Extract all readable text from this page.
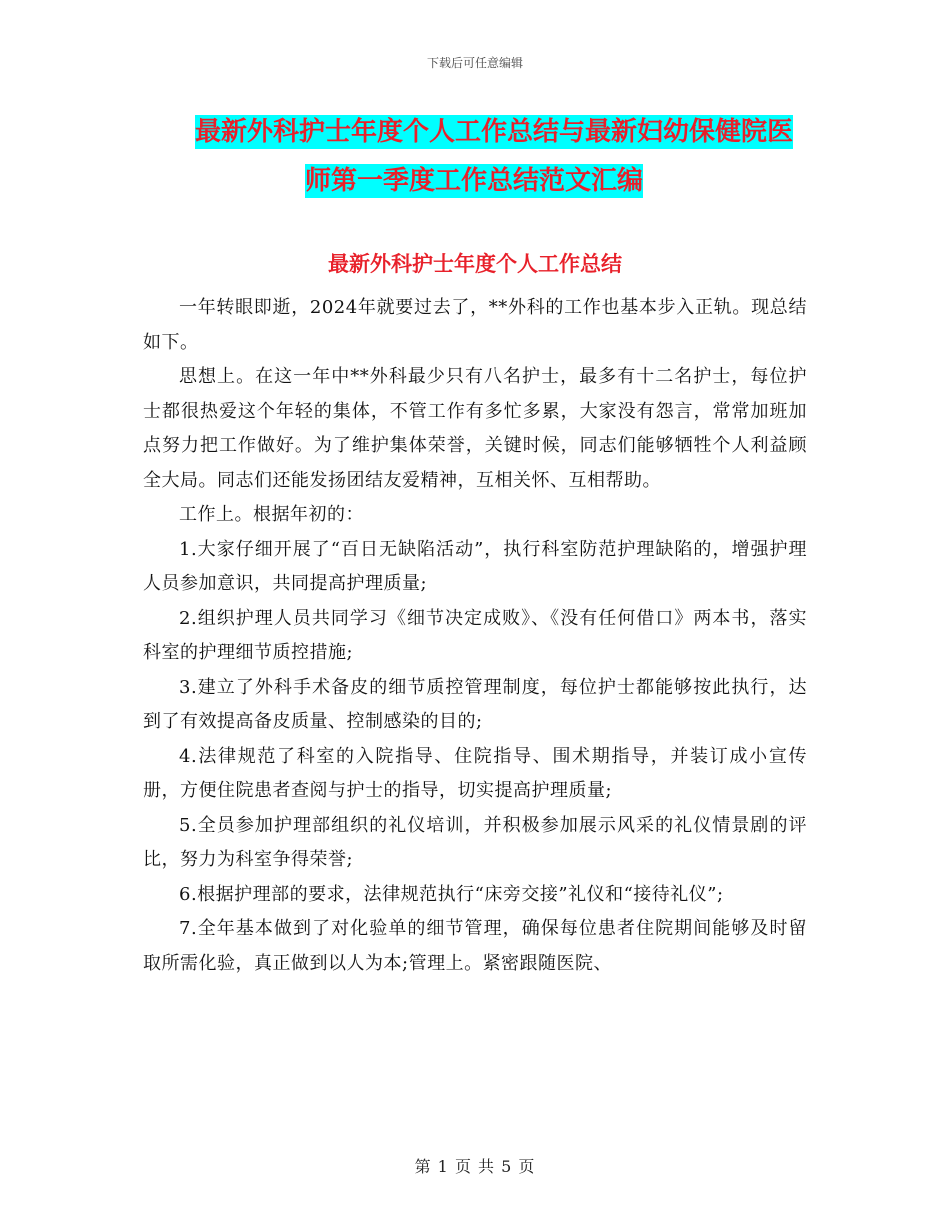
下载后可任意编辑
最新外科护士年度个人工作总结与最新妇幼保健院医
师第一季度工作总结范文汇编
最新外科护士年度个人工作总结

一年转眼即逝，2024年就要过去了，**外科的工作也基本步入正轨。现总结如下。

思想上。在这一年中**外科最少只有八名护士，最多有十二名护士，每位护士都很热爱这个年轻的集体，不管工作有多忙多累，大家没有怨言，常常加班加点努力把工作做好。为了维护集体荣誉，关键时候，同志们能够牺牲个人利益顾全大局。同志们还能发扬团结友爱精神，互相关怀、互相帮助。

工作上。根据年初的：

1.大家仔细开展了“百日无缺陷活动”，执行科室防范护理缺陷的，增强护理人员参加意识，共同提高护理质量;

2.组织护理人员共同学习《细节决定成败》、《没有任何借口》两本书，落实科室的护理细节质控措施;

3.建立了外科手术备皮的细节质控管理制度，每位护士都能够按此执行，达到了有效提高备皮质量、控制感染的目的;

4.法律规范了科室的入院指导、住院指导、围术期指导，并装订成小宣传册，方便住院患者查阅与护士的指导，切实提高护理质量;

5.全员参加护理部组织的礼仪培训，并积极参加展示风采的礼仪情景剧的评比，努力为科室争得荣誉;

6.根据护理部的要求，法律规范执行“床旁交接”礼仪和“接待礼仪”;

7.全年基本做到了对化验单的细节管理，确保每位患者住院期间能够及时留取所需化验，真正做到以人为本;管理上。紧密跟随医院、

第 1 页 共 5 页
